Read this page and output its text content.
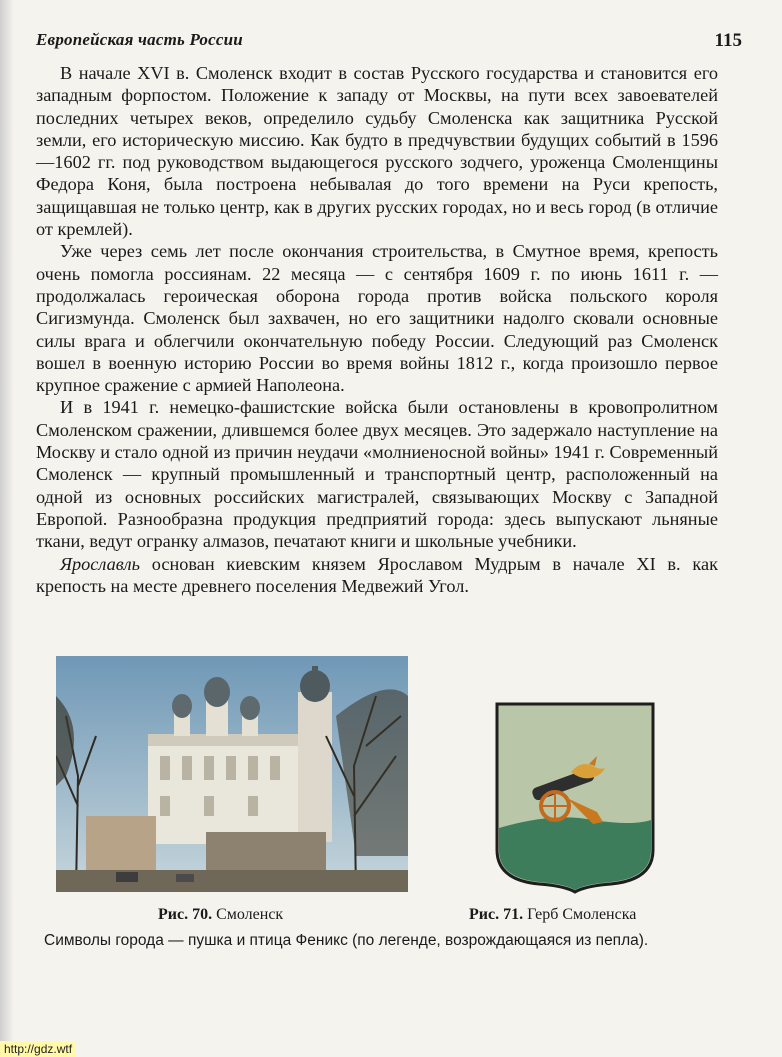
Европейская часть России	115

В начале XVI в. Смоленск входит в состав Русского государства и становится его западным форпостом. Положение к западу от Москвы, на пути всех завоевателей последних четырех веков, определило судьбу Смоленска как защитника Русской земли, его историческую миссию. Как будто в предчувствии будущих событий в 1596—1602 гг. под руководством выдающегося русского зодчего, уроженца Смоленщины Федора Коня, была построена небывалая до того времени на Руси крепость, защищавшая не только центр, как в других русских городах, но и весь город (в отличие от кремлей).

Уже через семь лет после окончания строительства, в Смутное время, крепость очень помогла россиянам. 22 месяца — с сентября 1609 г. по июнь 1611 г. — продолжалась героическая оборона города против войска польского короля Сигизмунда. Смоленск был захвачен, но его защитники надолго сковали основные силы врага и облегчили окончательную победу России. Следующий раз Смоленск вошел в военную историю России во время войны 1812 г., когда произошло первое крупное сражение с армией Наполеона.

И в 1941 г. немецко-фашистские войска были остановлены в кровопролитном Смоленском сражении, длившемся более двух месяцев. Это задержало наступление на Москву и стало одной из причин неудачи «молниеносной войны» 1941 г. Современный Смоленск — крупный промышленный и транспортный центр, расположенный на одной из основных российских магистралей, связывающих Москву с Западной Европой. Разнообразна продукция предприятий города: здесь выпускают льняные ткани, ведут огранку алмазов, печатают книги и школьные учебники.

Ярославль основан киевским князем Ярославом Мудрым в начале XI в. как крепость на месте древнего поселения Медвежий Угол.

Рис. 70. Смоленск	Рис. 71. Герб Смоленска
Символы города — пушка и птица Феникс (по легенде, возрождающаяся из пепла).
http://gdz.wtf
